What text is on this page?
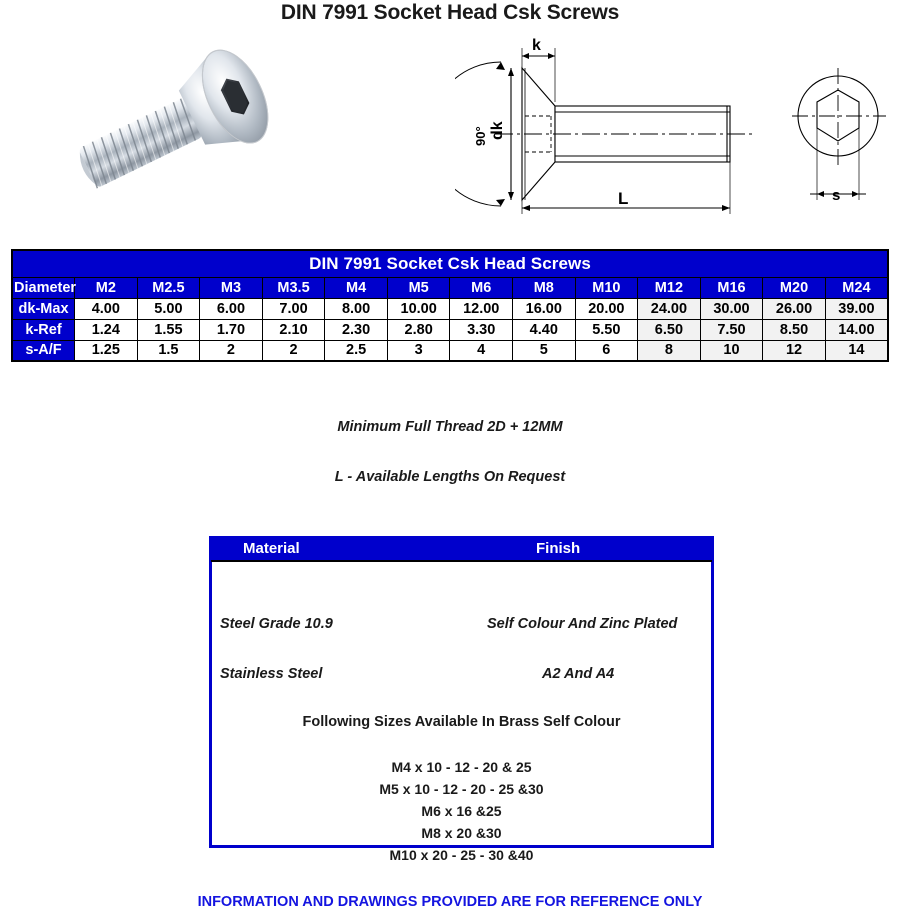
DIN 7991 Socket Head Csk Screws
90° dk
k
L	s
DIN 7991 Socket Csk Head Screws													
Diameter	M2	M2.5	M3	M3.5	M4	M5	M6	M8	M10	M12	M16	M20	M24
dk-Max	4.00	5.00	6.00	7.00	8.00	10.00	12.00	16.00	20.00	24.00	30.00	26.00	39.00
k-Ref	1.24	1.55	1.70	2.10	2.30	2.80	3.30	4.40	5.50	6.50	7.50	8.50	14.00
s-A/F	1.25	1.5	2	2	2.5	3	4	5	6	8	10	12	14
Minimum Full Thread 2D + 12MM
L - Available Lengths On Request
Material	Finish
Steel Grade 10.9	Self Colour And Zinc Plated
Stainless Steel	A2 And A4
Following Sizes Available In Brass Self Colour
M4 x 10 - 12 - 20 & 25
M5 x 10 - 12 - 20 - 25 &30
M6 x 16 &25
M8 x 20 &30
M10 x 20 - 25 - 30 &40
INFORMATION AND DRAWINGS PROVIDED ARE FOR REFERENCE ONLY
